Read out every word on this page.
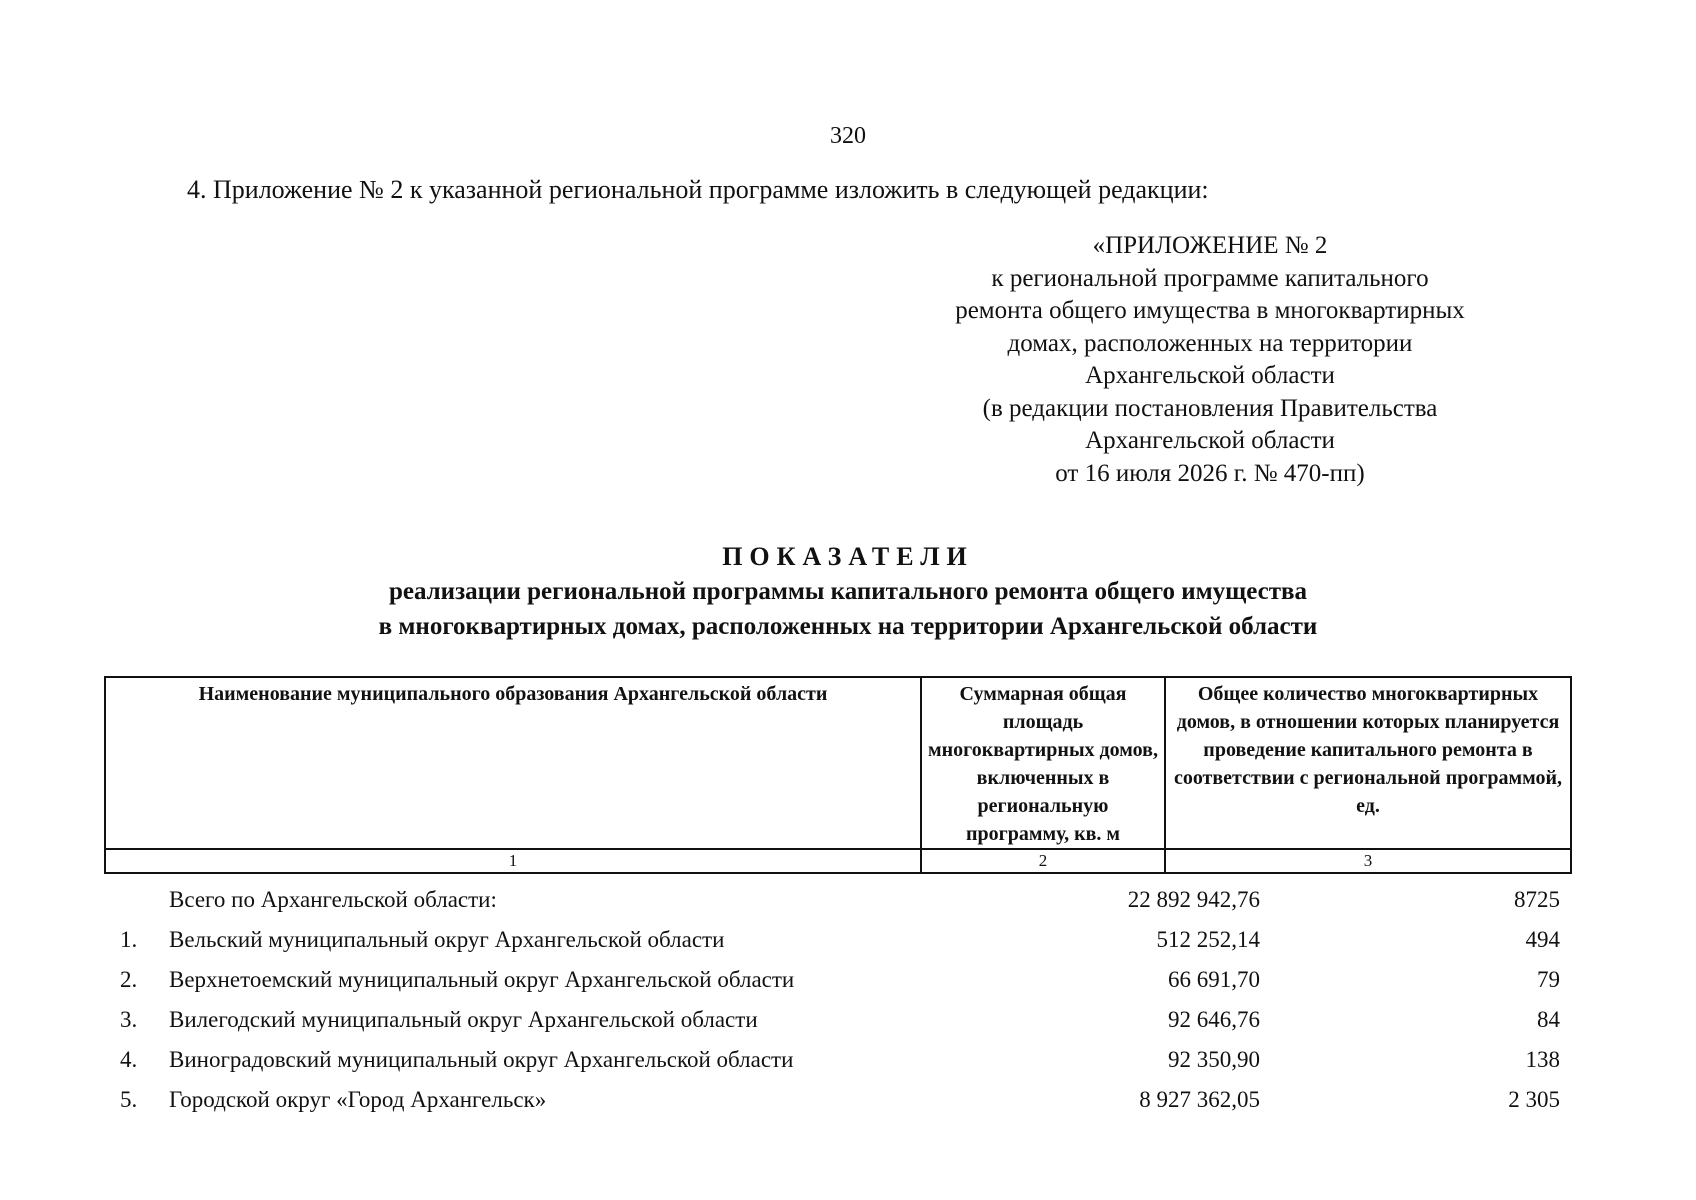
320
4. Приложение № 2 к указанной региональной программе изложить в следующей редакции:
«ПРИЛОЖЕНИЕ № 2
к региональной программе капитального
ремонта общего имущества в многоквартирных
домах, расположенных на территории
Архангельской области
(в редакции постановления Правительства
Архангельской области
от 16 июля 2026 г. № 470-пп)
ПОКАЗАТЕЛИ
реализации региональной программы капитального ремонта общего имущества
в многоквартирных домах, расположенных на территории Архангельской области
Наименование муниципального образования Архангельской области	Суммарная общая площадь многоквартирных домов, включенных в региональную программу, кв. м	Общее количество многоквартирных домов, в отношении которых планируется проведение капитального ремонта в соответствии с региональной программой, ед.
1	2	3
Всего по Архангельской области:	22 892 942,76	8725
1.	Вельский муниципальный округ Архангельской области	512 252,14	494
2.	Верхнетоемский муниципальный округ Архангельской области	66 691,70	79
3.	Вилегодский муниципальный округ Архангельской области	92 646,76	84
4.	Виноградовский муниципальный округ Архангельской области	92 350,90	138
5.	Городской округ «Город Архангельск»	8 927 362,05	2 305
